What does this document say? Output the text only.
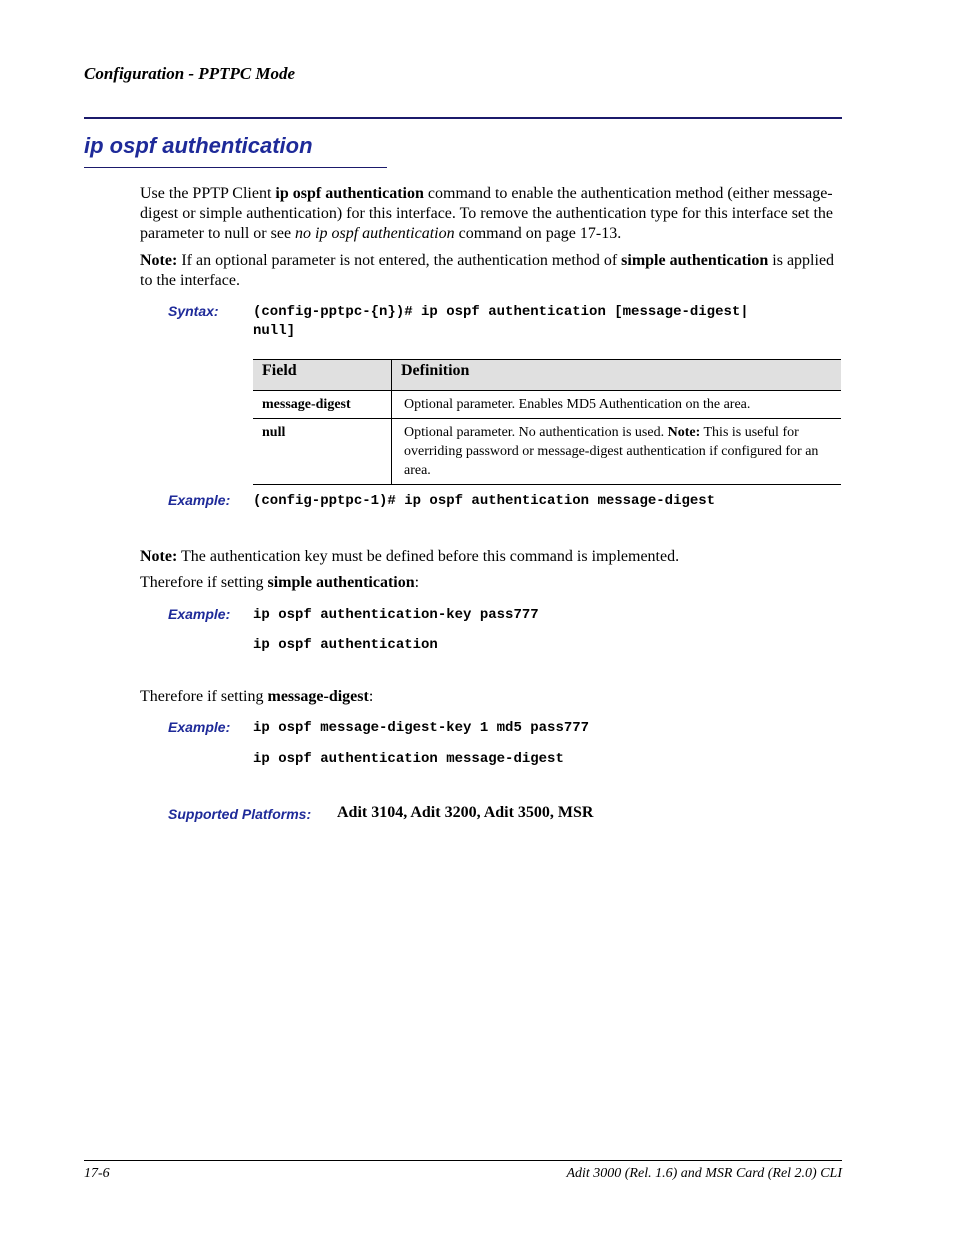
Configuration - PPTPC Mode
ip ospf authentication
Use the PPTP Client ip ospf authentication command to enable the authentication method (either message-digest or simple authentication) for this interface. To remove the authentication type for this interface set the parameter to null or see no ip ospf authentication command on page 17-13.
Note: If an optional parameter is not entered, the authentication method of simple authentication is applied to the interface.
Syntax: (config-pptpc-{n})# ip ospf authentication [message-digest|
null]
Field	Definition
message-digest	Optional parameter. Enables MD5 Authentication on the area.
null	Optional parameter. No authentication is used. Note: This is useful for overriding password or message-digest authentication if configured for an area.
Example: (config-pptpc-1)# ip ospf authentication message-digest
Note: The authentication key must be defined before this command is implemented.
Therefore if setting simple authentication:
Example: ip ospf authentication-key pass777
ip ospf authentication
Therefore if setting message-digest:
Example: ip ospf message-digest-key 1 md5 pass777
ip ospf authentication message-digest
Supported Platforms: Adit 3104, Adit 3200, Adit 3500, MSR
17-6	Adit 3000 (Rel. 1.6) and MSR Card (Rel 2.0) CLI
